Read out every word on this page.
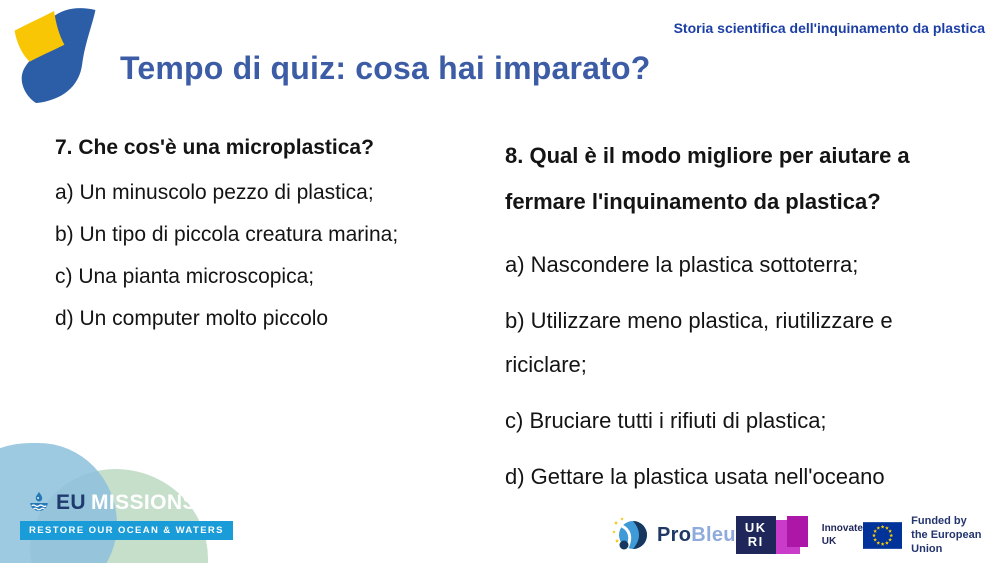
Storia scientifica dell'inquinamento da plastica
Tempo di quiz: cosa hai imparato?
7. Che cos'è una microplastica?
a) Un minuscolo pezzo di plastica;
b) Un tipo di piccola creatura marina;
c) Una pianta microscopica;
d) Un computer molto piccolo
8. Qual è il modo migliore per aiutare a fermare l'inquinamento da plastica?
a) Nascondere la plastica sottoterra;
b) Utilizzare meno plastica, riutilizzare e riciclare;
c) Bruciare tutti i rifiuti di plastica;
d) Gettare la plastica usata nell'oceano
EU MISSIONS
RESTORE OUR OCEAN & WATERS	ProBleu UK
RI
Innovate
UK
Funded by
the European Union
